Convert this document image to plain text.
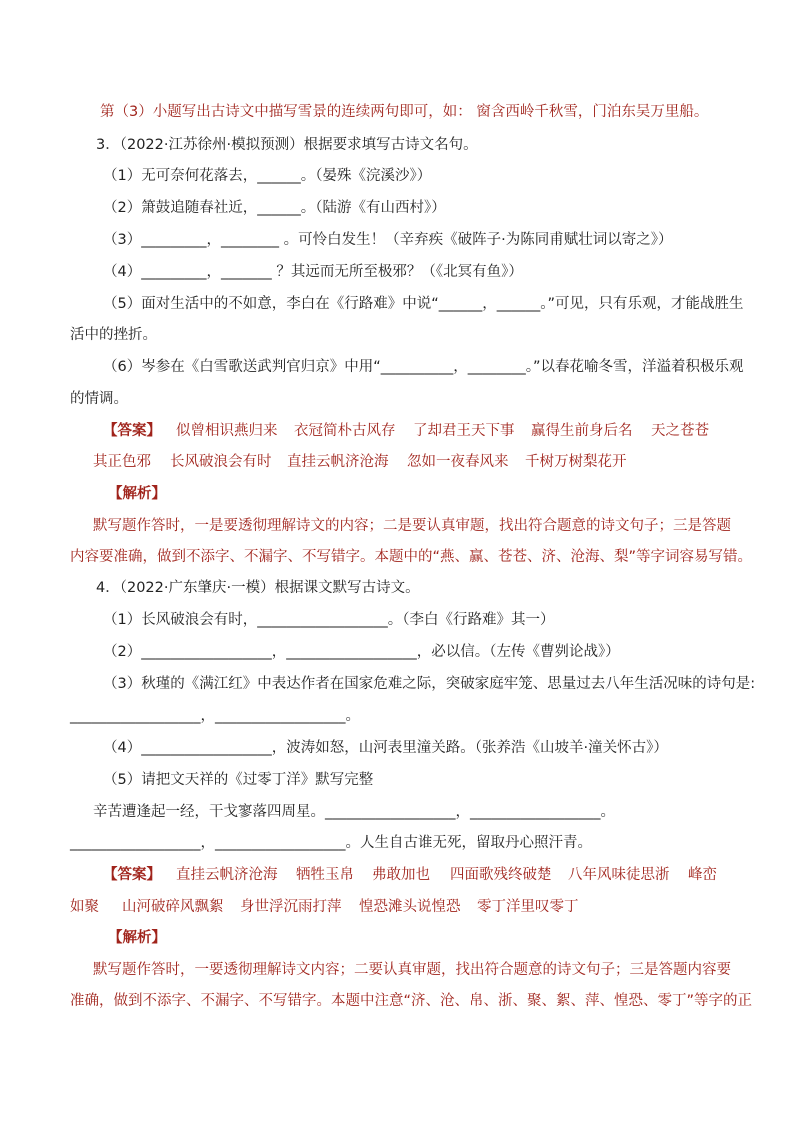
第（3）小题写出古诗文中描写雪景的连续两句即可，如： 窗含西岭千秋雪，门泊东吴万里船。
3．（2022·江苏徐州·模拟预测）根据要求填写古诗文名句。
（1）无可奈何花落去，______。（晏殊《浣溪沙》）
（2）箫鼓追随春社近，______。（陆游《有山西村》）
（3）_________，________ 。可怜白发生！（辛弃疾《破阵子·为陈同甫赋壮词以寄之》）
（4）_________，_______ ？其远而无所至极邪？（《北冥有鱼》）
（5）面对生活中的不如意，李白在《行路难》中说“______，______。”可见，只有乐观，才能战胜生
活中的挫折。
（6）岑参在《白雪歌送武判官归京》中用“__________，________。”以春花喻冬雪，洋溢着积极乐观
的情调。
【答案】 似曾相识燕归来 衣冠简朴古风存 了却君王天下事 赢得生前身后名 天之苍苍
其正色邪 长风破浪会有时 直挂云帆济沧海 忽如一夜春风来 千树万树梨花开
【解析】
默写题作答时，一是要透彻理解诗文的内容；二是要认真审题，找出符合题意的诗文句子；三是答题
内容要准确，做到不添字、不漏字、不写错字。本题中的“燕、赢、苍苍、济、沧海、梨”等字词容易写错。
4．（2022·广东肇庆·一模）根据课文默写古诗文。
（1）长风破浪会有时，__________________。（李白《行路难》其一）
（2）__________________，__________________，必以信。（左传《曹刿论战》）
（3）秋瑾的《满江红》中表达作者在国家危难之际，突破家庭牢笼、思量过去八年生活况味的诗句是:
__________________，__________________。
（4）__________________，波涛如怒，山河表里潼关路。（张养浩《山坡羊·潼关怀古》）
（5）请把文天祥的《过零丁洋》默写完整
辛苦遭逢起一经，干戈寥落四周星。__________________，__________________。
__________________，__________________。人生自古谁无死，留取丹心照汗青。
【答案】 直挂云帆济沧海 牺牲玉帛 弗敢加也 四面歌残终破楚 八年风味徒思浙 峰峦
如聚 山河破碎风飘絮 身世浮沉雨打萍 惶恐滩头说惶恐 零丁洋里叹零丁
【解析】
默写题作答时，一要透彻理解诗文内容；二要认真审题，找出符合题意的诗文句子；三是答题内容要
准确，做到不添字、不漏字、不写错字。本题中注意“济、沧、帛、浙、聚、絮、萍、惶恐、零丁”等字的正
